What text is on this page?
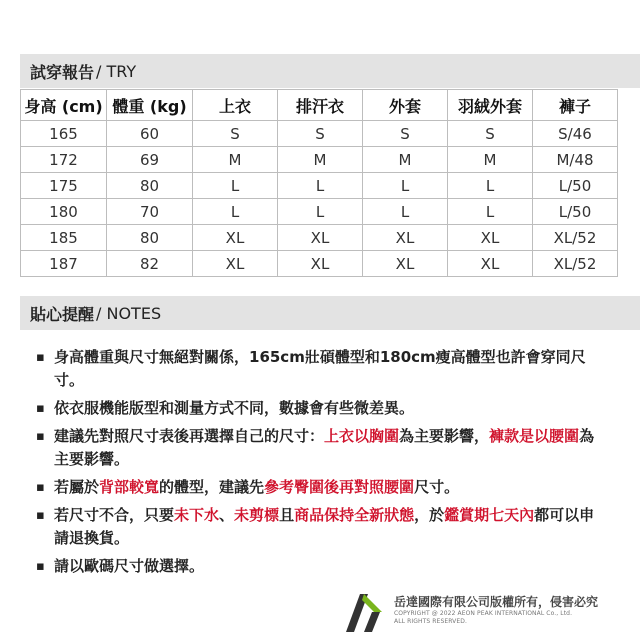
試穿報告 / TRY
身高 (cm)	體重 (kg)	上衣	排汗衣	外套	羽絨外套	褲子
165	60	S	S	S	S	S/46
172	69	M	M	M	M	M/48
175	80	L	L	L	L	L/50
180	70	L	L	L	L	L/50
185	80	XL	XL	XL	XL	XL/52
187	82	XL	XL	XL	XL	XL/52
貼心提醒 / NOTES
▪ 身高體重與尺寸無絕對關係，165cm壯碩體型和180cm瘦高體型也許會穿同尺寸。
▪ 依衣服機能版型和測量方式不同，數據會有些微差異。
▪ 建議先對照尺寸表後再選擇自己的尺寸：上衣以胸圍為主要影響，褲款是以腰圍為主要影響。
▪ 若屬於背部較寬的體型，建議先參考臀圍後再對照腰圍尺寸。
▪ 若尺寸不合，只要未下水、未剪標且商品保持全新狀態，於鑑賞期七天內都可以申請退換貨。
▪ 請以歐碼尺寸做選擇。
岳達國際有限公司版權所有，侵害必究
COPYRIGHT @ 2022 AEON PEAK INTERNATIONAL Co., Ltd.
ALL RIGHTS RESERVED.
